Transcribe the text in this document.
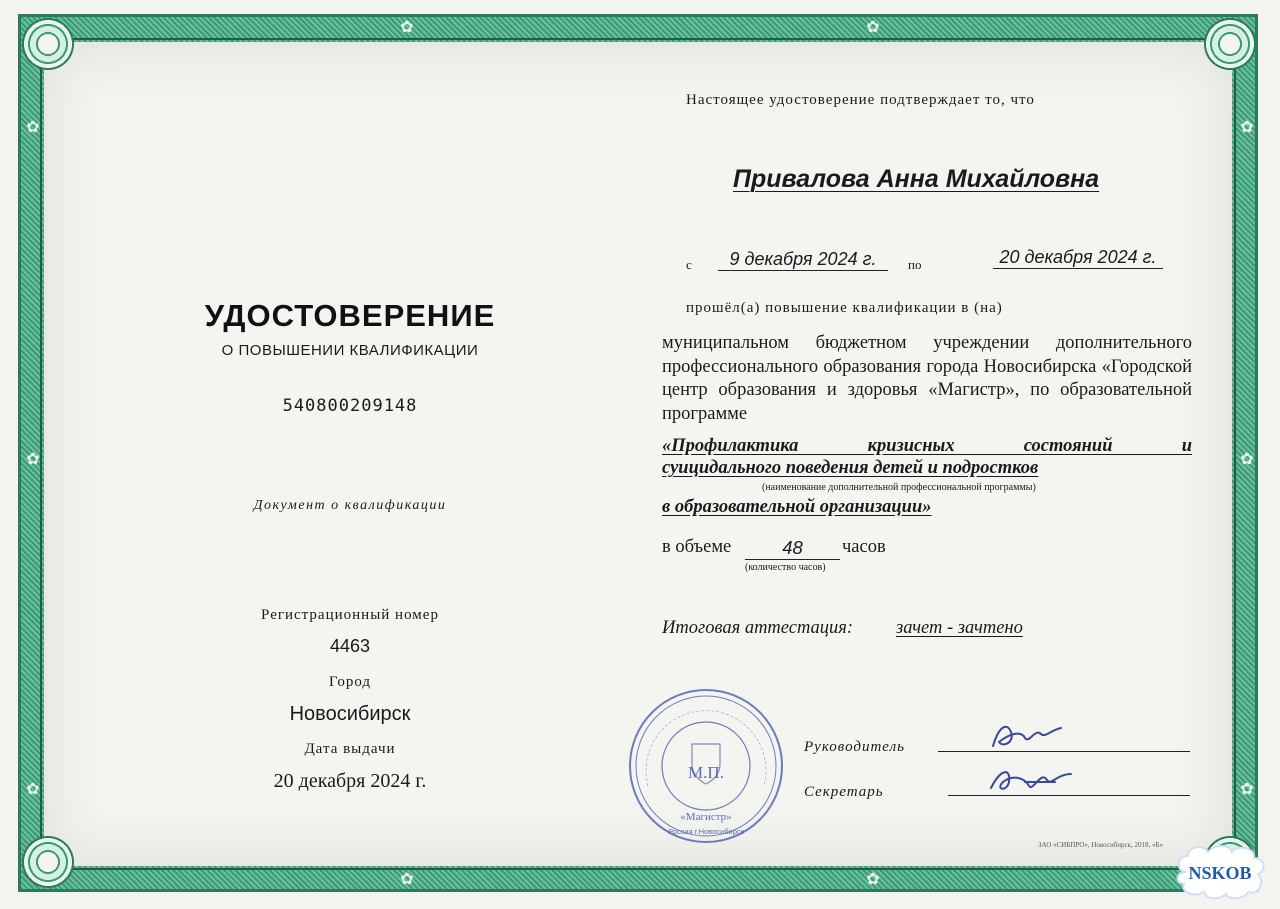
✿
✿
✿
✿
✿
✿
✿	✿
✿	✿
УДОСТОВЕРЕНИЕ
О ПОВЫШЕНИИ КВАЛИФИКАЦИИ
540800209148
Документ о квалификации
Регистрационный номер
4463
Город
Новосибирск
Дата выдачи
20 декабря 2024 г.
Настоящее удостоверение подтверждает то, что
Привалова Анна Михайловна
с	9 декабря 2024 г.	по	20 декабря 2024 г.
прошёл(а) повышение квалификации в (на)
муниципальном бюджетном учреждении дополнительного профессионального образования города Новосибирска «Городской центр образования и здоровья «Магистр», по образовательной программе
«Профилактика кризисных состояний и
суицидального поведения детей и подростков
(наименование дополнительной профессиональной программы)
в образовательной организации»
в объеме	48	часов
(количество часов)
Итоговая аттестация: зачет - зачтено
Руководитель
Секретарь
М.П.
«Магистр»
Россия г.Новосибирск
ЗАО «СИБПРО», Новосибирск, 2018, «Б»
NSKOB
